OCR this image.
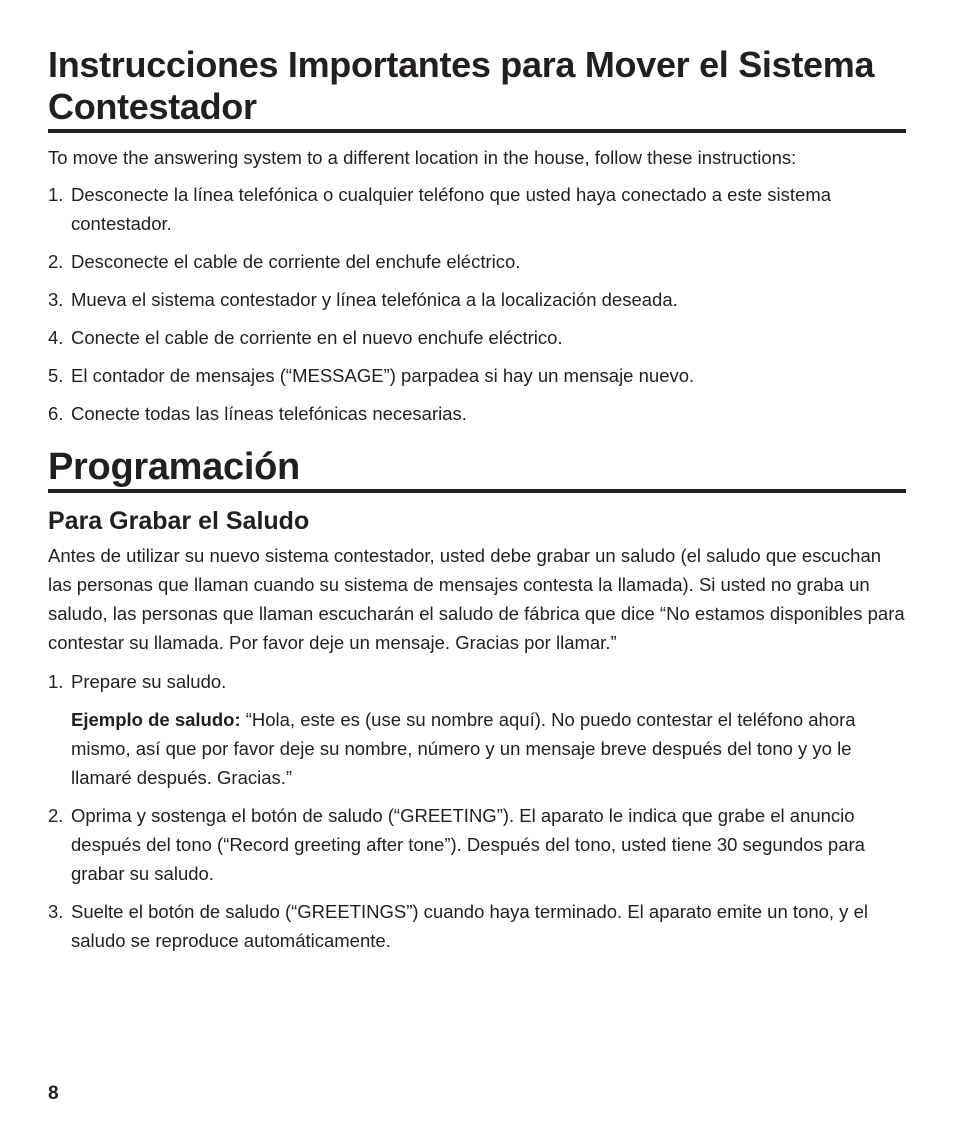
Instrucciones Importantes para Mover el Sistema Contestador

To move the answering system to a different location in the house, follow these instructions:

1. Desconecte la línea telefónica o cualquier teléfono que usted haya conectado a este sistema contestador.
2. Desconecte el cable de corriente del enchufe eléctrico.
3. Mueva el sistema contestador y línea telefónica a la localización deseada.
4. Conecte el cable de corriente en el nuevo enchufe eléctrico.
5. El contador de mensajes (“MESSAGE”) parpadea si hay un mensaje nuevo.
6. Conecte todas las líneas telefónicas necesarias.
Programación
Para Grabar el Saludo

Antes de utilizar su nuevo sistema contestador, usted debe grabar un saludo (el saludo que escuchan las personas que llaman cuando su sistema de mensajes contesta la llamada). Si usted no graba un saludo, las personas que llaman escucharán el saludo de fábrica que dice “No estamos disponibles para contestar su llamada. Por favor deje un mensaje. Gracias por llamar.”

1. Prepare su saludo.

Ejemplo de saludo: “Hola, este es (use su nombre aquí). No puedo contestar el teléfono ahora mismo, así que por favor deje su nombre, número y un mensaje breve después del tono y yo le llamaré después. Gracias.”

2. Oprima y sostenga el botón de saludo (“GREETING”). El aparato le indica que grabe el anuncio después del tono (“Record greeting after tone”). Después del tono, usted tiene 30 segundos para grabar su saludo.
3. Suelte el botón de saludo (“GREETINGS”) cuando haya terminado. El aparato emite un tono, y el saludo se reproduce automáticamente.
8
